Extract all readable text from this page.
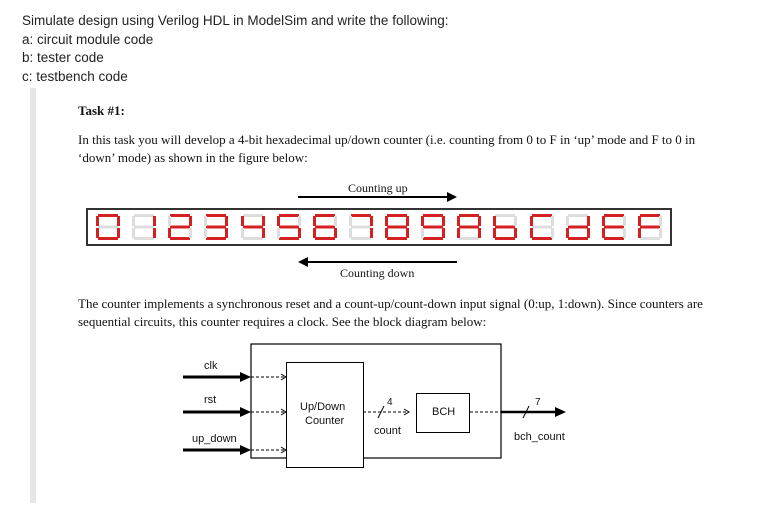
Simulate design using Verilog HDL in ModelSim and write the following:
a: circuit module code
b: tester code
c: testbench code
Task #1:
In this task you will develop a 4-bit hexadecimal up/down counter (i.e. counting from 0 to F in ‘up’ mode and F to 0 in ‘down’ mode) as shown in the figure below:
Counting up
Counting down
The counter implements a synchronous reset and a count-up/count-down input signal (0:up, 1:down). Since counters are sequential circuits, this counter requires a clock. See the block diagram below:
Up/Down
Counter
BCH
clk
rst
up_down
4
count
7
bch_count
